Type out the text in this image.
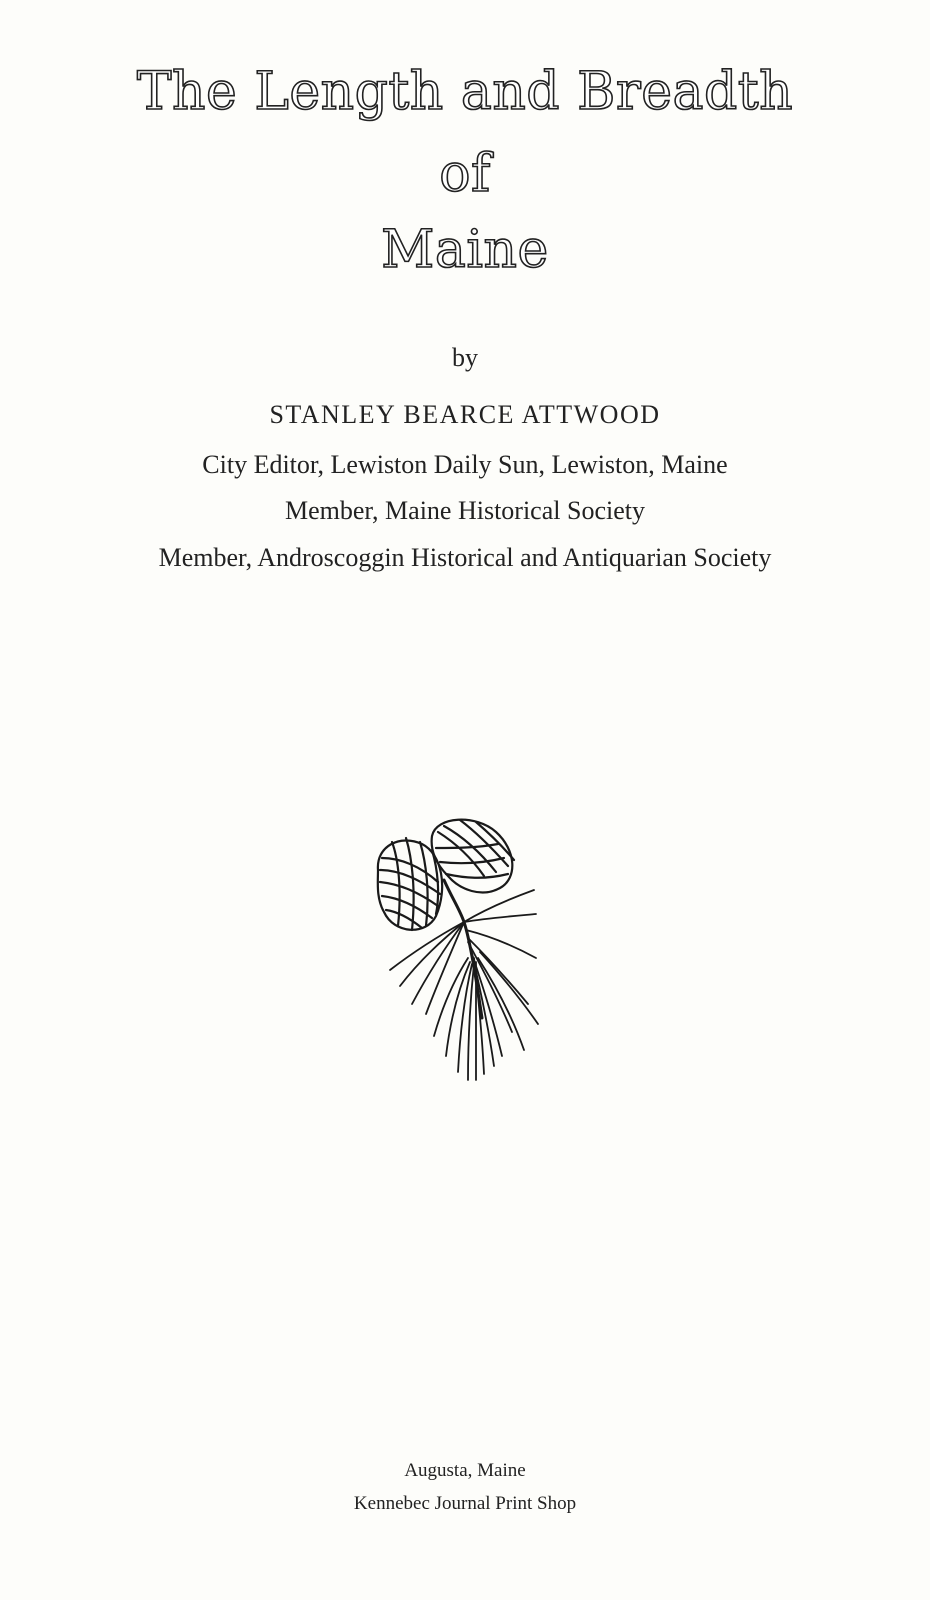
The Length and Breadth
of
Maine
by
STANLEY BEARCE ATTWOOD
City Editor, Lewiston Daily Sun, Lewiston, Maine
Member, Maine Historical Society
Member, Androscoggin Historical and Antiquarian Society
Augusta, Maine
Kennebec Journal Print Shop
